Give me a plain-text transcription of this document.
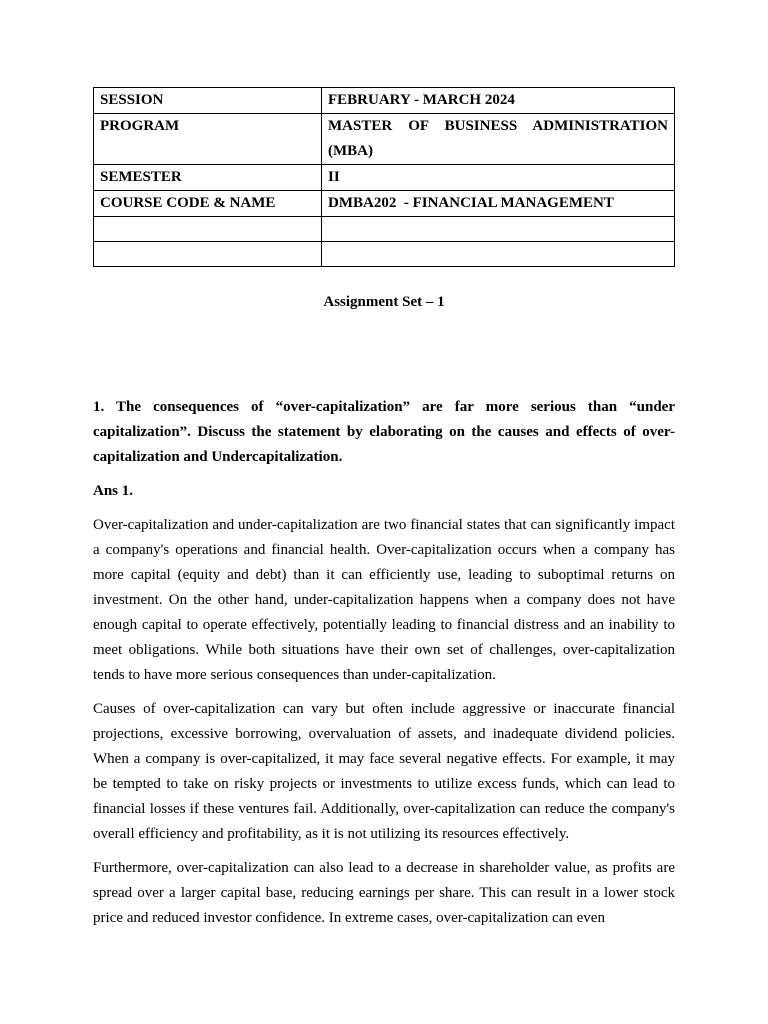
SESSION	FEBRUARY - MARCH 2024
PROGRAM	MASTER OF BUSINESS ADMINISTRATION (MBA)
SEMESTER	II
COURSE CODE & NAME	DMBA202  - FINANCIAL MANAGEMENT

Assignment Set – 1
1. The consequences of “over-capitalization” are far more serious than “under capitalization”. Discuss the statement by elaborating on the causes and effects of over-capitalization and Undercapitalization.
Ans 1.

Over-capitalization and under-capitalization are two financial states that can significantly impact a company's operations and financial health. Over-capitalization occurs when a company has more capital (equity and debt) than it can efficiently use, leading to suboptimal returns on investment. On the other hand, under-capitalization happens when a company does not have enough capital to operate effectively, potentially leading to financial distress and an inability to meet obligations. While both situations have their own set of challenges, over-capitalization tends to have more serious consequences than under-capitalization.

Causes of over-capitalization can vary but often include aggressive or inaccurate financial projections, excessive borrowing, overvaluation of assets, and inadequate dividend policies. When a company is over-capitalized, it may face several negative effects. For example, it may be tempted to take on risky projects or investments to utilize excess funds, which can lead to financial losses if these ventures fail. Additionally, over-capitalization can reduce the company's overall efficiency and profitability, as it is not utilizing its resources effectively.

Furthermore, over-capitalization can also lead to a decrease in shareholder value, as profits are spread over a larger capital base, reducing earnings per share. This can result in a lower stock price and reduced investor confidence. In extreme cases, over-capitalization can even
